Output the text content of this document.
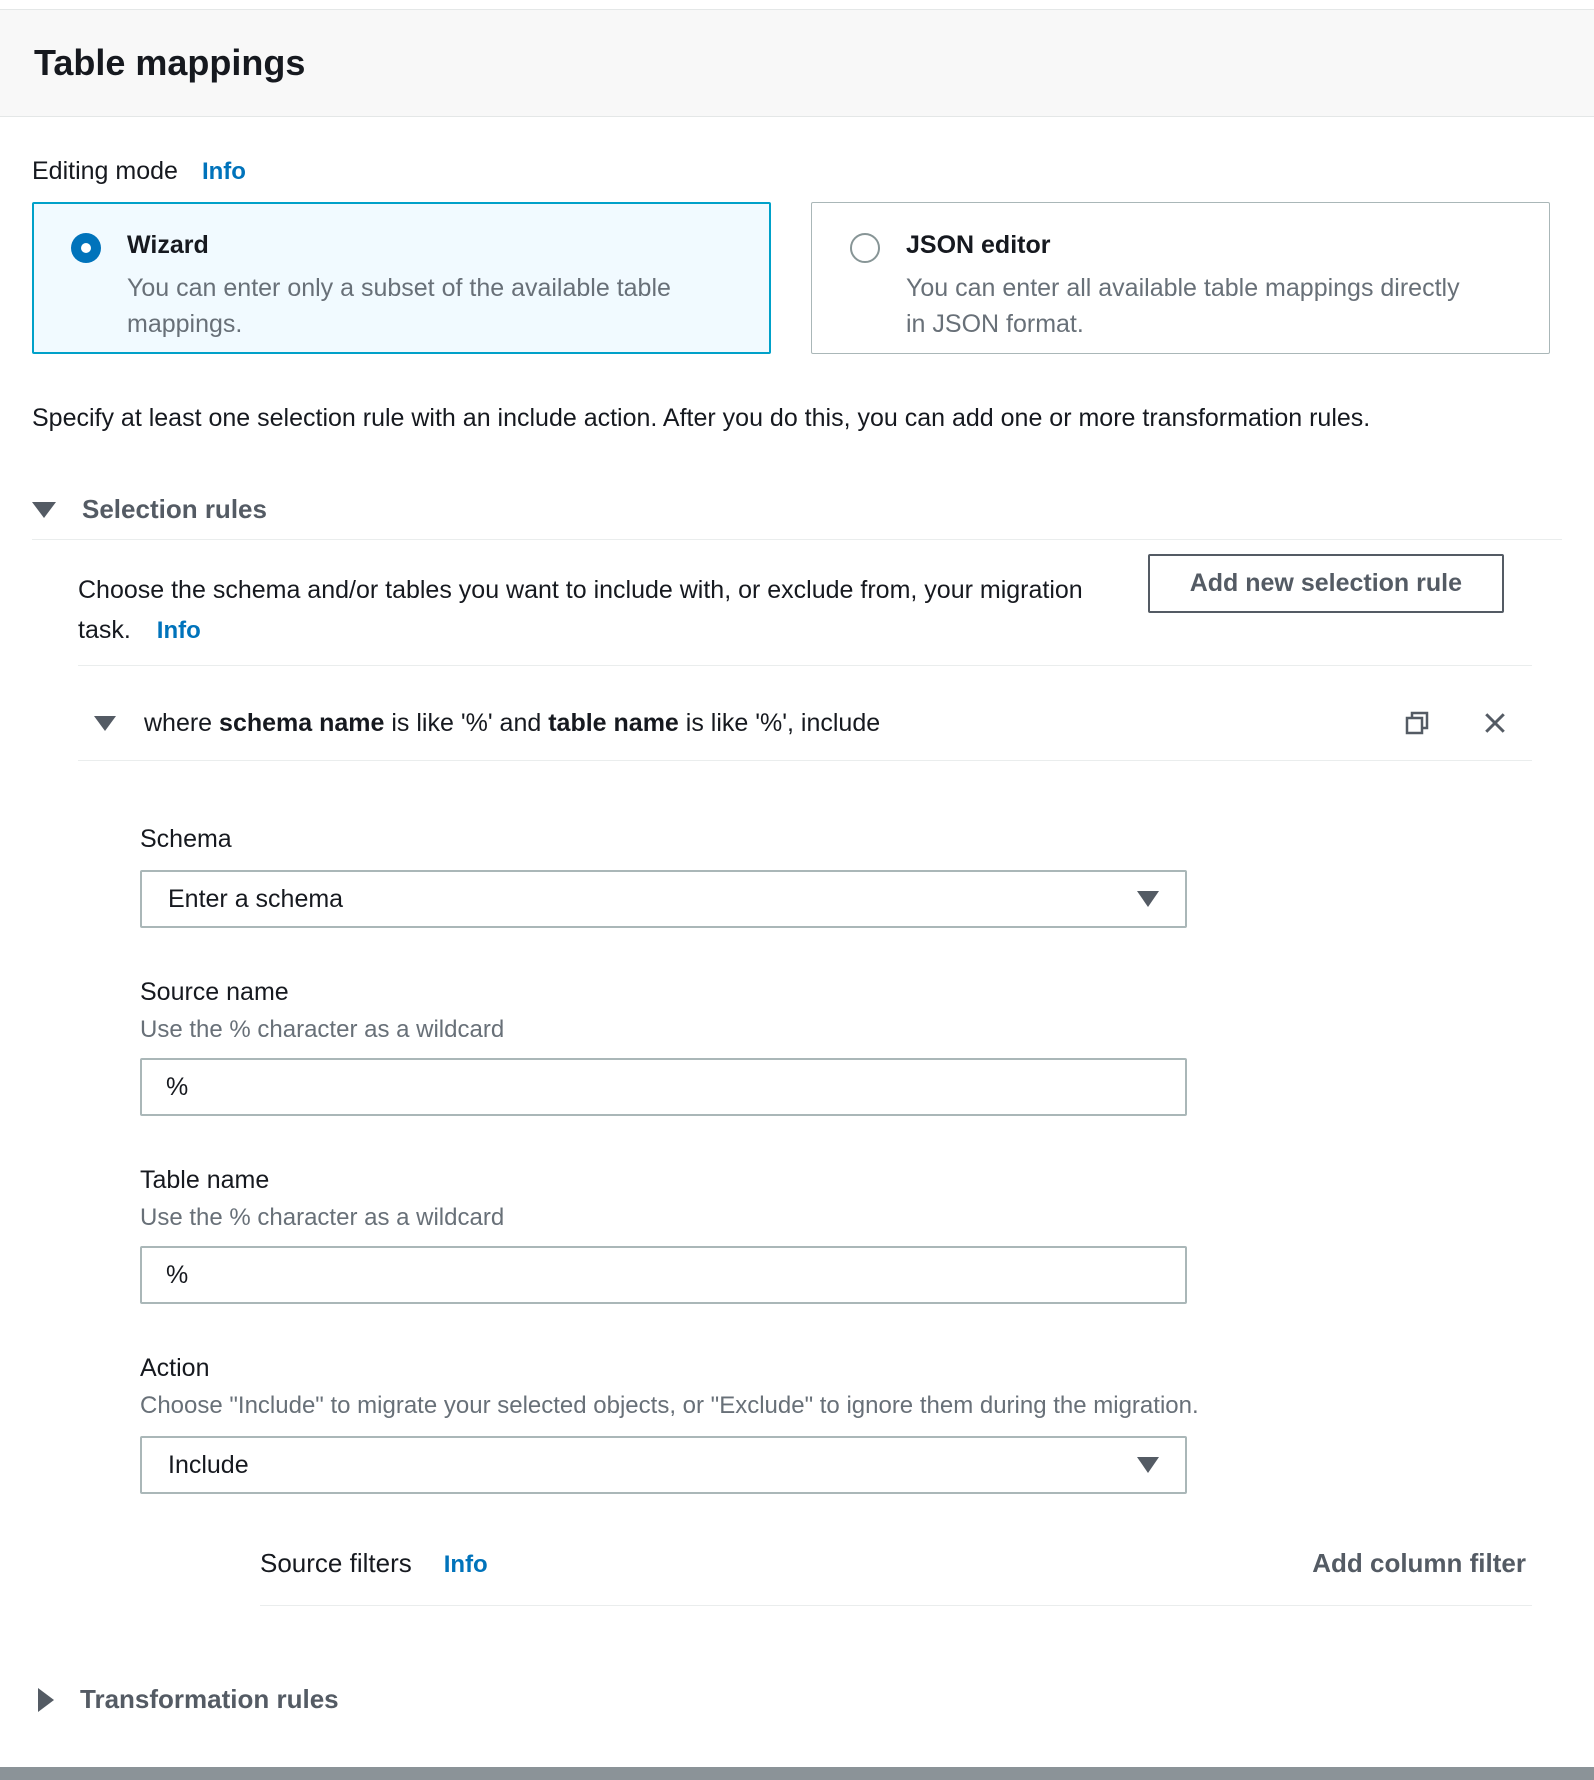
Table mappings
Editing mode Info
Wizard
You can enter only a subset of the available table mappings.
JSON editor
You can enter all available table mappings directly in JSON format.

Specify at least one selection rule with an include action. After you do this, you can add one or more transformation rules.

Selection rules

Choose the schema and/or tables you want to include with, or exclude from, your migration task. Info

Add new selection rule
where schema name is like '%' and table name is like '%', include
Schema
Enter a schema
Source name
Use the % character as a wildcard
%
Table name
Use the % character as a wildcard
%
Action
Choose "Include" to migrate your selected objects, or "Exclude" to ignore them during the migration.
Include
Source filters Info	Add column filter
Transformation rules
